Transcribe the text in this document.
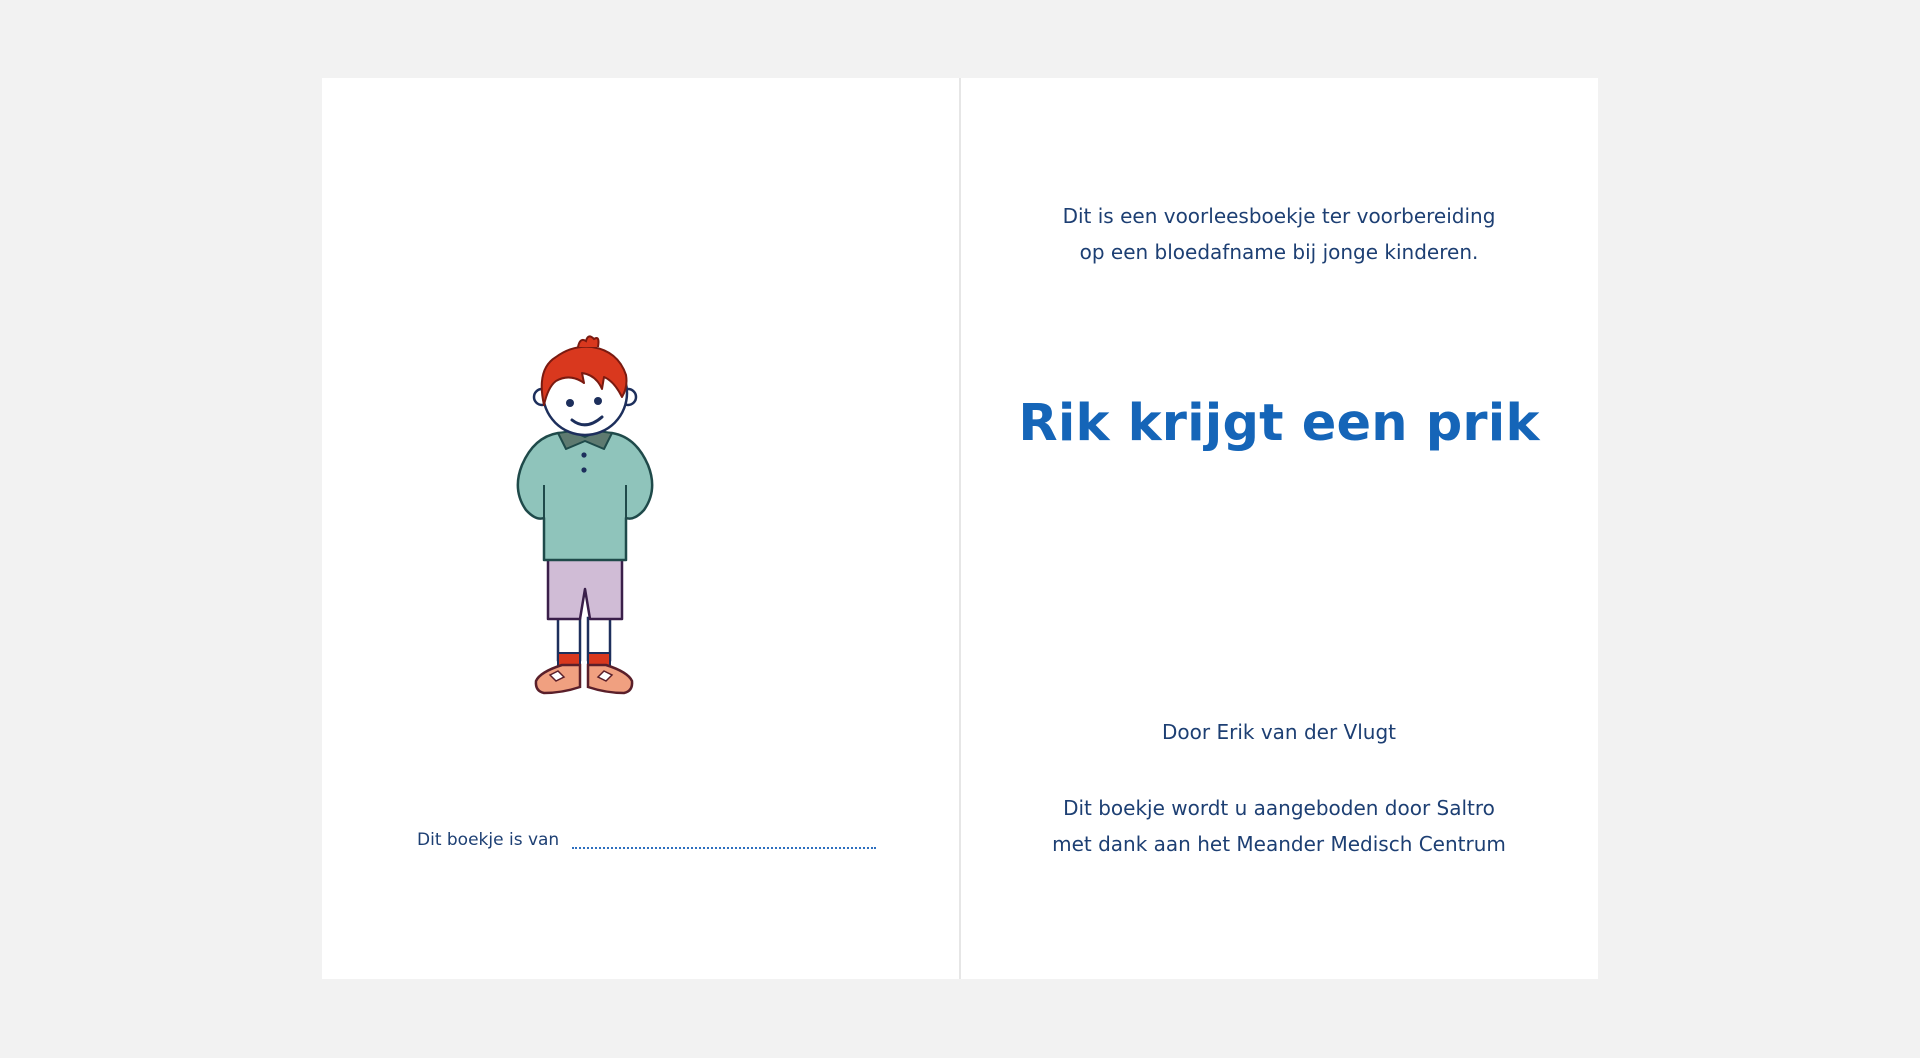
Dit boekje is van
Dit is een voorleesboekje ter voorbereiding
op een bloedafname bij jonge kinderen.
Rik krijgt een prik
Door Erik van der Vlugt
Dit boekje wordt u aangeboden door Saltro
met dank aan het Meander Medisch Centrum
